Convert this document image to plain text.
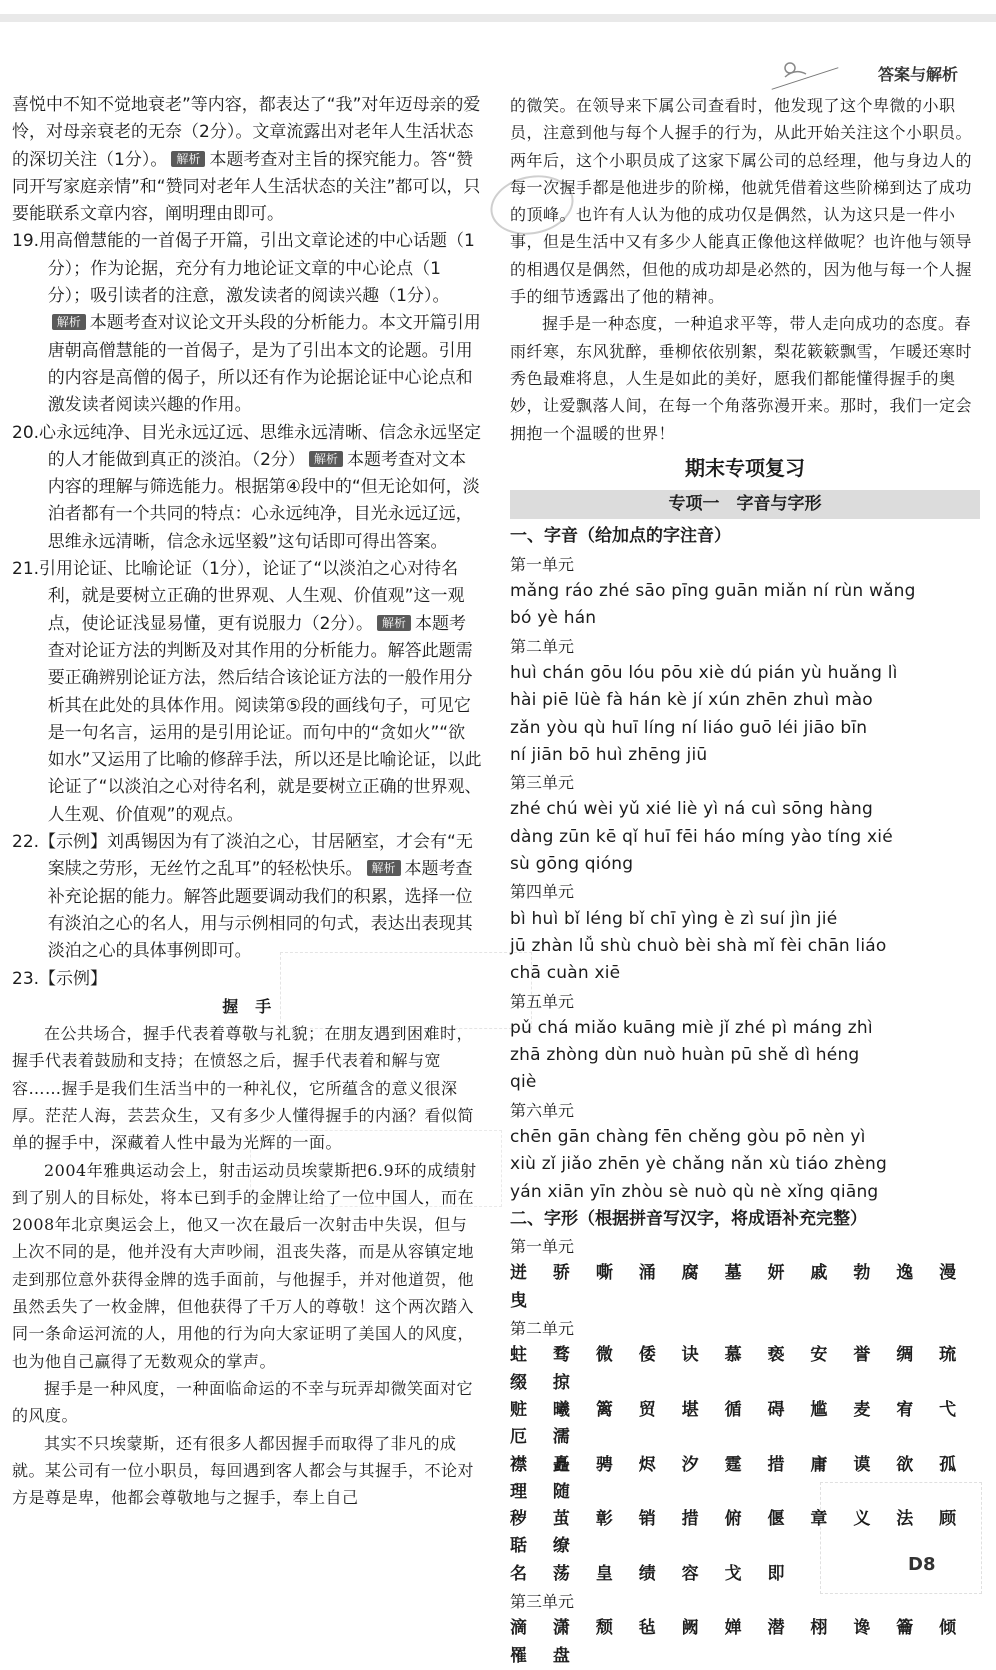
答案与解析

喜悦中不知不觉地衰老”等内容，都表达了“我”对年迈母亲的爱怜，对母亲衰老的无奈（2分）。文章流露出对老年人生活状态的深切关注（1分）。 解析 本题考查对主旨的探究能力。答“赞同开写家庭亲情”和“赞同对老年人生活状态的关注”都可以，只要能联系文章内容，阐明理由即可。

19.用高僧慧能的一首偈子开篇，引出文章论述的中心话题（1分）；作为论据，充分有力地论证文章的中心论点（1分）；吸引读者的注意，激发读者的阅读兴趣（1分）。解析 本题考查对议论文开头段的分析能力。本文开篇引用唐朝高僧慧能的一首偈子，是为了引出本文的论题。引用的内容是高僧的偈子，所以还有作为论据论证中心论点和激发读者阅读兴趣的作用。

20.心永远纯净、目光永远辽远、思维永远清晰、信念永远坚定的人才能做到真正的淡泊。（2分） 解析 本题考查对文本内容的理解与筛选能力。根据第④段中的“但无论如何，淡泊者都有一个共同的特点：心永远纯净，目光永远辽远，思维永远清晰，信念永远坚毅”这句话即可得出答案。

21.引用论证、比喻论证（1分），论证了“以淡泊之心对待名利，就是要树立正确的世界观、人生观、价值观”这一观点，使论证浅显易懂，更有说服力（2分）。 解析 本题考查对论证方法的判断及对其作用的分析能力。解答此题需要正确辨别论证方法，然后结合该论证方法的一般作用分析其在此处的具体作用。阅读第⑤段的画线句子，可见它是一句名言，运用的是引用论证。而句中的“贪如火”“欲如水”又运用了比喻的修辞手法，所以还是比喻论证，以此论证了“以淡泊之心对待名利，就是要树立正确的世界观、人生观、价值观”的观点。

22.【示例】刘禹锡因为有了淡泊之心，甘居陋室，才会有“无案牍之劳形，无丝竹之乱耳”的轻松快乐。 解析 本题考查补充论据的能力。解答此题要调动我们的积累，选择一位有淡泊之心的名人，用与示例相同的句式，表达出表现其淡泊之心的具体事例即可。

23.【示例】

握　手

在公共场合，握手代表着尊敬与礼貌；在朋友遇到困难时，握手代表着鼓励和支持；在愤怒之后，握手代表着和解与宽容……握手是我们生活当中的一种礼仪，它所蕴含的意义很深厚。茫茫人海，芸芸众生，又有多少人懂得握手的内涵？看似简单的握手中，深藏着人性中最为光辉的一面。

2004年雅典运动会上，射击运动员埃蒙斯把6.9环的成绩射到了别人的目标处，将本已到手的金牌让给了一位中国人，而在2008年北京奥运会上，他又一次在最后一次射击中失误，但与上次不同的是，他并没有大声吵闹，沮丧失落，而是从容镇定地走到那位意外获得金牌的选手面前，与他握手，并对他道贺，他虽然丢失了一枚金牌，但他获得了千万人的尊敬！这个两次踏入同一条命运河流的人，用他的行为向大家证明了美国人的风度，也为他自己赢得了无数观众的掌声。

握手是一种风度，一种面临命运的不幸与玩弄却微笑面对它的风度。

其实不只埃蒙斯，还有很多人都因握手而取得了非凡的成就。某公司有一位小职员，每回遇到客人都会与其握手，不论对方是尊是卑，他都会尊敬地与之握手，奉上自己

的微笑。在领导来下属公司查看时，他发现了这个卑微的小职员，注意到他与每个人握手的行为，从此开始关注这个小职员。两年后，这个小职员成了这家下属公司的总经理，他与身边人的每一次握手都是他进步的阶梯，他就凭借着这些阶梯到达了成功的顶峰。也许有人认为他的成功仅是偶然，认为这只是一件小事，但是生活中又有多少人能真正像他这样做呢？也许他与领导的相遇仅是偶然，但他的成功却是必然的，因为他与每一个人握手的细节透露出了他的精神。

握手是一种态度，一种追求平等，带人走向成功的态度。春雨纤寒，东风犹醉，垂柳依依别絮，梨花簌簌飘雪，乍暖还寒时秀色最难将息，人生是如此的美好，愿我们都能懂得握手的奥妙，让爱飘落人间，在每一个角落弥漫开来。那时，我们一定会拥抱一个温暖的世界！

期末专项复习
专项一　字音与字形

一、字音（给加点的字注音）

第一单元

mǎng ráo zhé sāo pīng guān miǎn ní rùn wǎng

bó yè hán

第二单元

huì chán gōu lóu pōu xiè dú pián yù huǎng lì

hài piē lüè fà hán kè jí xún zhēn zhuì mào

zǎn yòu qù huī líng ní liáo guō léi jiāo bīn

ní jiān bō huì zhēng jiū

第三单元

zhé chú wèi yǔ xié liè yì ná cuì sōng hàng

dàng zūn kē qǐ huī fēi háo míng yào tíng xié

sù gōng qióng

第四单元

bì huì bǐ léng bǐ chī yìng è zì suí jìn jié

jū zhàn lǚ shù chuò bèi shà mǐ fèi chān liáo

chā cuàn xiē

第五单元

pǔ chá miǎo kuāng miè jǐ zhé pì máng zhì

zhā zhòng dùn nuò huàn pū shě dì héng

qiè

第六单元

chēn gān chàng fēn chěng gòu pō nèn yì

xiù zǐ jiǎo zhēn yè chǎng nǎn xù tiáo zhèng

yán xiān yīn zhòu sè nuò qù nè xǐng qiāng

二、字形（根据拼音写汉字，将成语补充完整）

第一单元

迸 骄 嘶 涌 腐 墓 妍 戚 勃 逸 漫 曳

第二单元

蛀 骛 微 倭 诀 慕 亵 安 誉 绸 琉 缀 掠

赃 曦 篱 贸 堪 循 碍 尴 麦 宥 弋 厄 濡

襟 矗 骋 烬 汐 霆 措 庸 谟 欲 孤 理 随

秽 茧 彰 销 措 俯 偃 章 义 法 顾 聒 缭

名 荡 皇 绩 容 戈 即

第三单元

滴 潇 颓 毡 阙 婵 潜 栩 谗 籥 倾 罹 盘

D8
